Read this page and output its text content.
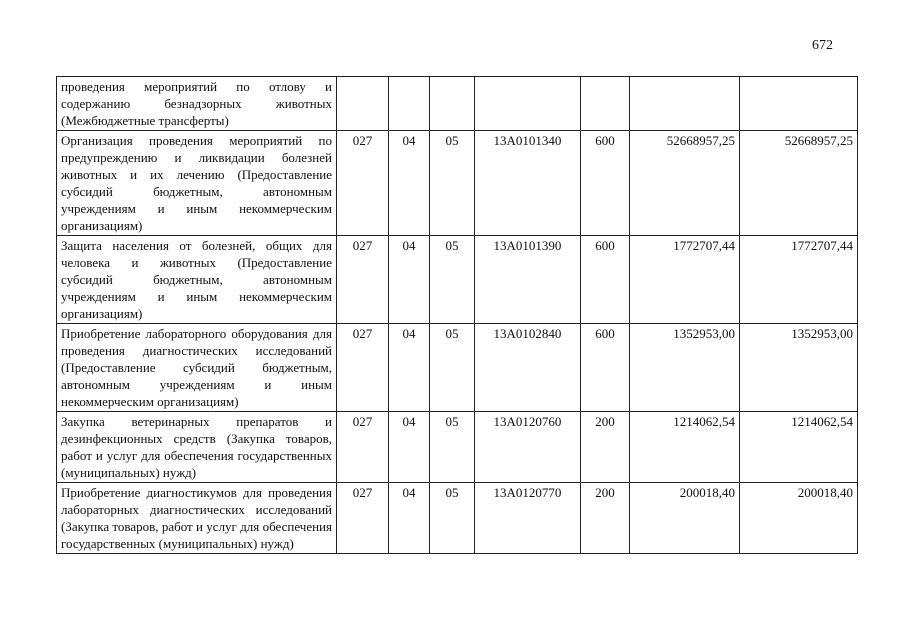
672
проведения мероприятий по отлову и содержанию безнадзорных животных (Межбюджетные трансферты)							
Организация проведения мероприятий по предупреждению и ликвидации болезней животных и их лечению (Предоставление субсидий бюджетным, автономным учреждениям и иным некоммерческим организациям)	027	04	05	13А0101340	600	52668957,25	52668957,25
Защита населения от болезней, общих для человека и животных (Предоставление субсидий бюджетным, автономным учреждениям и иным некоммерческим организациям)	027	04	05	13А0101390	600	1772707,44	1772707,44
Приобретение лабораторного оборудования для проведения диагностических исследований (Предоставление субсидий бюджетным, автономным учреждениям и иным некоммерческим организациям)	027	04	05	13А0102840	600	1352953,00	1352953,00
Закупка ветеринарных препаратов и дезинфекционных средств (Закупка товаров, работ и услуг для обеспечения государственных (муниципальных) нужд)	027	04	05	13А0120760	200	1214062,54	1214062,54
Приобретение диагностикумов для проведения лабораторных диагностических исследований (Закупка товаров, работ и услуг для обеспечения государственных (муниципальных) нужд)	027	04	05	13А0120770	200	200018,40	200018,40
